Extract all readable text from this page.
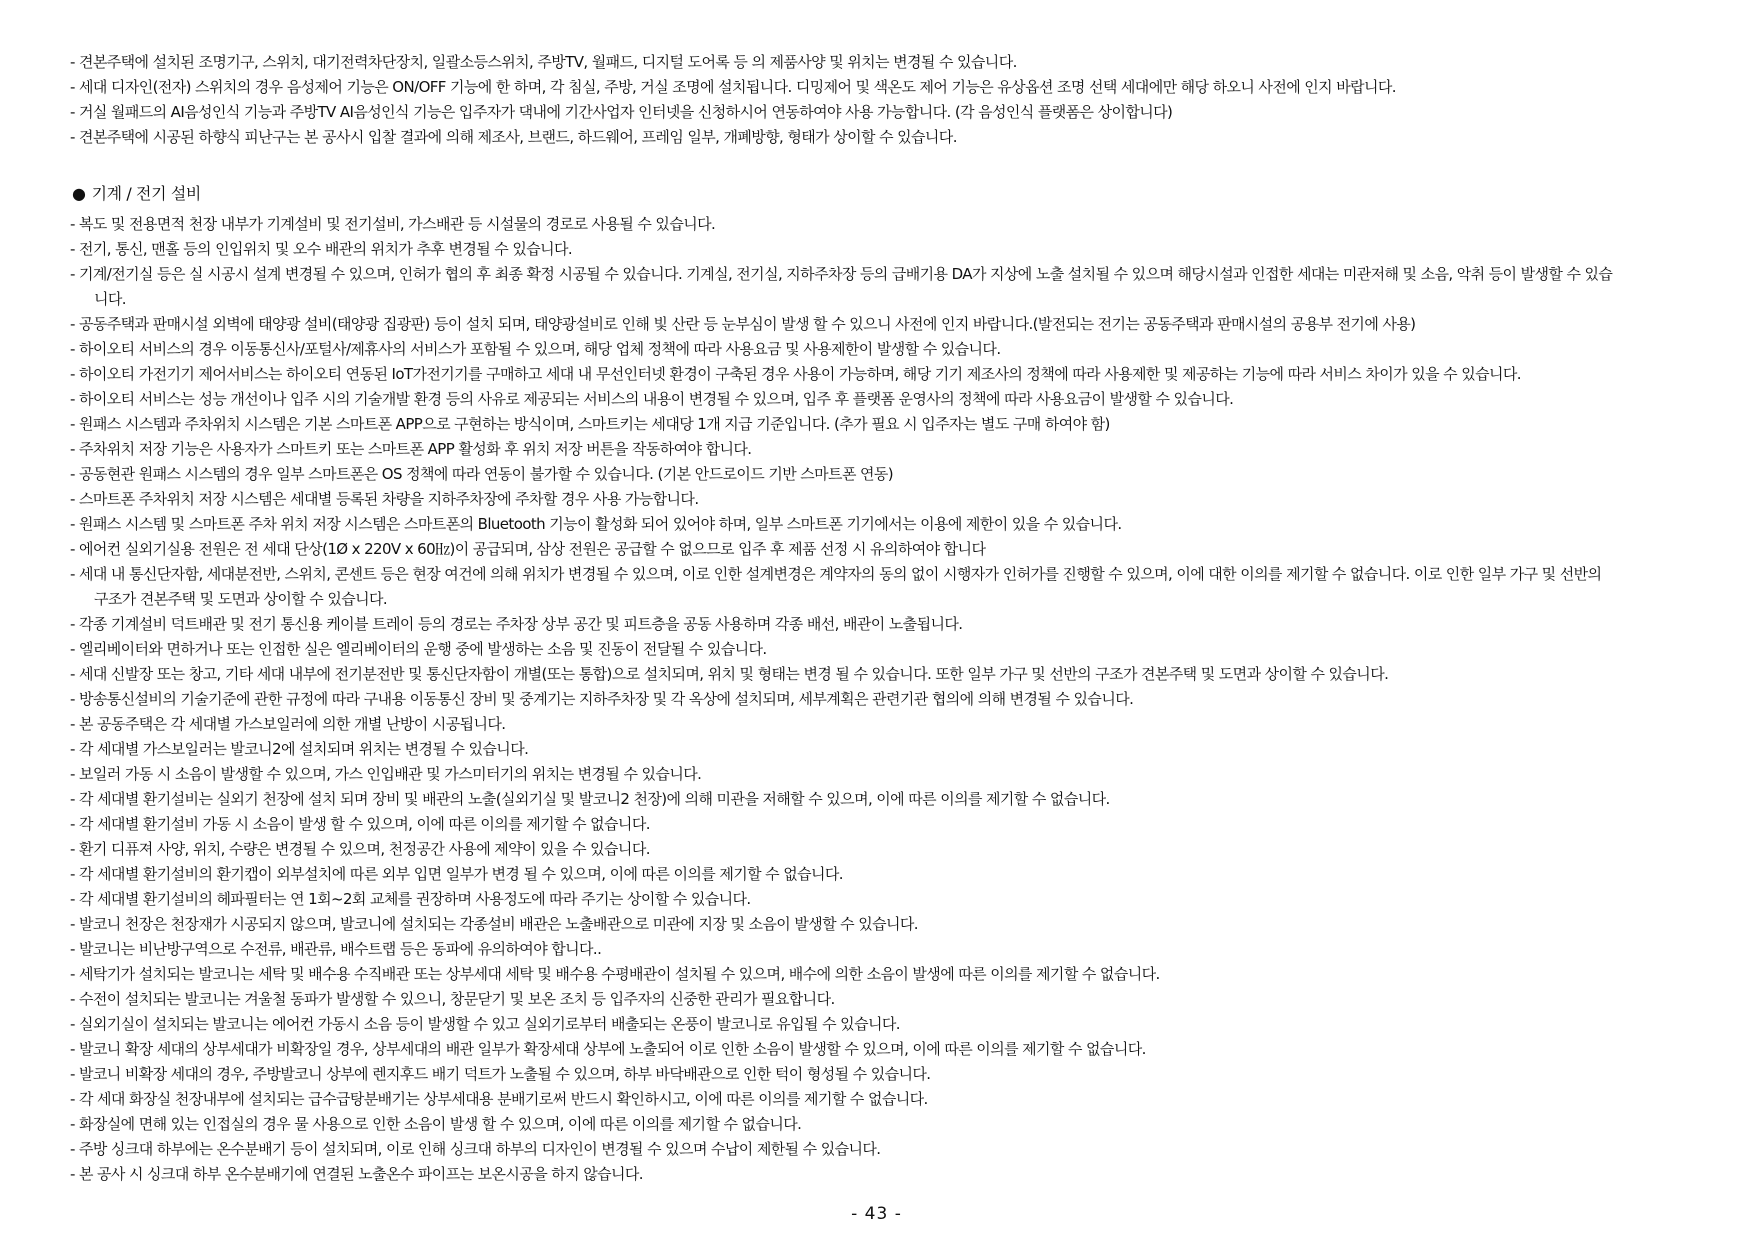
- 견본주택에 설치된 조명기구, 스위치, 대기전력차단장치, 일괄소등스위치, 주방TV, 월패드, 디지털 도어록 등 의 제품사양 및 위치는 변경될 수 있습니다.
- 세대 디자인(전자) 스위치의 경우 음성제어 기능은 ON/OFF 기능에 한 하며, 각 침실, 주방, 거실 조명에 설치됩니다. 디밍제어 및 색온도 제어 기능은 유상옵션 조명 선택 세대에만 해당 하오니 사전에 인지 바랍니다.
- 거실 월패드의 AI음성인식 기능과 주방TV AI음성인식 기능은 입주자가 댁내에 기간사업자 인터넷을 신청하시어 연동하여야 사용 가능합니다. (각 음성인식 플랫폼은 상이합니다)
- 견본주택에 시공된 하향식 피난구는 본 공사시 입찰 결과에 의해 제조사, 브랜드, 하드웨어, 프레임 일부, 개폐방향, 형태가 상이할 수 있습니다.
● 기계 / 전기 설비
- 복도 및 전용면적 천장 내부가 기계설비 및 전기설비, 가스배관 등 시설물의 경로로 사용될 수 있습니다.
- 전기, 통신, 맨홀 등의 인입위치 및 오수 배관의 위치가 추후 변경될 수 있습니다.
- 기계/전기실 등은 실 시공시 설계 변경될 수 있으며, 인허가 협의 후 최종 확정 시공될 수 있습니다. 기계실, 전기실, 지하주차장 등의 급배기용 DA가 지상에 노출 설치될 수 있으며 해당시설과 인접한 세대는 미관저해 및 소음, 악취 등이 발생할 수 있습
니다.
- 공동주택과 판매시설 외벽에 태양광 설비(태양광 집광판) 등이 설치 되며, 태양광설비로 인해 빛 산란 등 눈부심이 발생 할 수 있으니 사전에 인지 바랍니다.(발전되는 전기는 공동주택과 판매시설의 공용부 전기에 사용)
- 하이오티 서비스의 경우 이동통신사/포털사/제휴사의 서비스가 포함될 수 있으며, 해당 업체 정책에 따라 사용요금 및 사용제한이 발생할 수 있습니다.
- 하이오티 가전기기 제어서비스는 하이오티 연동된 IoT가전기기를 구매하고 세대 내 무선인터넷 환경이 구축된 경우 사용이 가능하며, 해당 기기 제조사의 정책에 따라 사용제한 및 제공하는 기능에 따라 서비스 차이가 있을 수 있습니다.
- 하이오티 서비스는 성능 개선이나 입주 시의 기술개발 환경 등의 사유로 제공되는 서비스의 내용이 변경될 수 있으며, 입주 후 플랫폼 운영사의 정책에 따라 사용요금이 발생할 수 있습니다.
- 원패스 시스템과 주차위치 시스템은 기본 스마트폰 APP으로 구현하는 방식이며, 스마트키는 세대당 1개 지급 기준입니다. (추가 필요 시 입주자는 별도 구매 하여야 함)
- 주차위치 저장 기능은 사용자가 스마트키 또는 스마트폰 APP 활성화 후 위치 저장 버튼을 작동하여야 합니다.
- 공동현관 원패스 시스템의 경우 일부 스마트폰은 OS 정책에 따라 연동이 불가할 수 있습니다. (기본 안드로이드 기반 스마트폰 연동)
- 스마트폰 주차위치 저장 시스템은 세대별 등록된 차량을 지하주차장에 주차할 경우 사용 가능합니다.
- 원패스 시스템 및 스마트폰 주차 위치 저장 시스템은 스마트폰의 Bluetooth 기능이 활성화 되어 있어야 하며, 일부 스마트폰 기기에서는 이용에 제한이 있을 수 있습니다.
- 에어컨 실외기실용 전원은 전 세대 단상(1Ø x 220V x 60㎐)이 공급되며, 삼상 전원은 공급할 수 없으므로 입주 후 제품 선정 시 유의하여야 합니다
- 세대 내 통신단자함, 세대분전반, 스위치, 콘센트 등은 현장 여건에 의해 위치가 변경될 수 있으며, 이로 인한 설계변경은 계약자의 동의 없이 시행자가 인허가를 진행할 수 있으며, 이에 대한 이의를 제기할 수 없습니다. 이로 인한 일부 가구 및 선반의
구조가 견본주택 및 도면과 상이할 수 있습니다.
- 각종 기계설비 덕트배관 및 전기 통신용 케이블 트레이 등의 경로는 주차장 상부 공간 및 피트층을 공동 사용하며 각종 배선, 배관이 노출됩니다.
- 엘리베이터와 면하거나 또는 인접한 실은 엘리베이터의 운행 중에 발생하는 소음 및 진동이 전달될 수 있습니다.
- 세대 신발장 또는 창고, 기타 세대 내부에 전기분전반 및 통신단자함이 개별(또는 통합)으로 설치되며, 위치 및 형태는 변경 될 수 있습니다. 또한 일부 가구 및 선반의 구조가 견본주택 및 도면과 상이할 수 있습니다.
- 방송통신설비의 기술기준에 관한 규정에 따라 구내용 이동통신 장비 및 중계기는 지하주차장 및 각 옥상에 설치되며, 세부계획은 관련기관 협의에 의해 변경될 수 있습니다.
- 본 공동주택은 각 세대별 가스보일러에 의한 개별 난방이 시공됩니다.
- 각 세대별 가스보일러는 발코니2에 설치되며 위치는 변경될 수 있습니다.
- 보일러 가동 시 소음이 발생할 수 있으며, 가스 인입배관 및 가스미터기의 위치는 변경될 수 있습니다.
- 각 세대별 환기설비는 실외기 천장에 설치 되며 장비 및 배관의 노출(실외기실 및 발코니2 천장)에 의해 미관을 저해할 수 있으며, 이에 따른 이의를 제기할 수 없습니다.
- 각 세대별 환기설비 가동 시 소음이 발생 할 수 있으며, 이에 따른 이의를 제기할 수 없습니다.
- 환기 디퓨져 사양, 위치, 수량은 변경될 수 있으며, 천정공간 사용에 제약이 있을 수 있습니다.
- 각 세대별 환기설비의 환기캡이 외부설치에 따른 외부 입면 일부가 변경 될 수 있으며, 이에 따른 이의를 제기할 수 없습니다.
- 각 세대별 환기설비의 헤파필터는 연 1회~2회 교체를 권장하며 사용정도에 따라 주기는 상이할 수 있습니다.
- 발코니 천장은 천장재가 시공되지 않으며, 발코니에 설치되는 각종설비 배관은 노출배관으로 미관에 지장 및 소음이 발생할 수 있습니다.
- 발코니는 비난방구역으로 수전류, 배관류, 배수트랩 등은 동파에 유의하여야 합니다..
- 세탁기가 설치되는 발코니는 세탁 및 배수용 수직배관 또는 상부세대 세탁 및 배수용 수평배관이 설치될 수 있으며, 배수에 의한 소음이 발생에 따른 이의를 제기할 수 없습니다.
- 수전이 설치되는 발코니는 겨울철 동파가 발생할 수 있으니, 창문닫기 및 보온 조치 등 입주자의 신중한 관리가 필요합니다.
- 실외기실이 설치되는 발코니는 에어컨 가동시 소음 등이 발생할 수 있고 실외기로부터 배출되는 온풍이 발코니로 유입될 수 있습니다.
- 발코니 확장 세대의 상부세대가 비확장일 경우, 상부세대의 배관 일부가 확장세대 상부에 노출되어 이로 인한 소음이 발생할 수 있으며, 이에 따른 이의를 제기할 수 없습니다.
- 발코니 비확장 세대의 경우, 주방발코니 상부에 렌지후드 배기 덕트가 노출될 수 있으며, 하부 바닥배관으로 인한 턱이 형성될 수 있습니다.
- 각 세대 화장실 천장내부에 설치되는 급수급탕분배기는 상부세대용 분배기로써 반드시 확인하시고, 이에 따른 이의를 제기할 수 없습니다.
- 화장실에 면해 있는 인접실의 경우 물 사용으로 인한 소음이 발생 할 수 있으며, 이에 따른 이의를 제기할 수 없습니다.
- 주방 싱크대 하부에는 온수분배기 등이 설치되며, 이로 인해 싱크대 하부의 디자인이 변경될 수 있으며 수납이 제한될 수 있습니다.
- 본 공사 시 싱크대 하부 온수분배기에 연결된 노출온수 파이프는 보온시공을 하지 않습니다.
- 43 -
